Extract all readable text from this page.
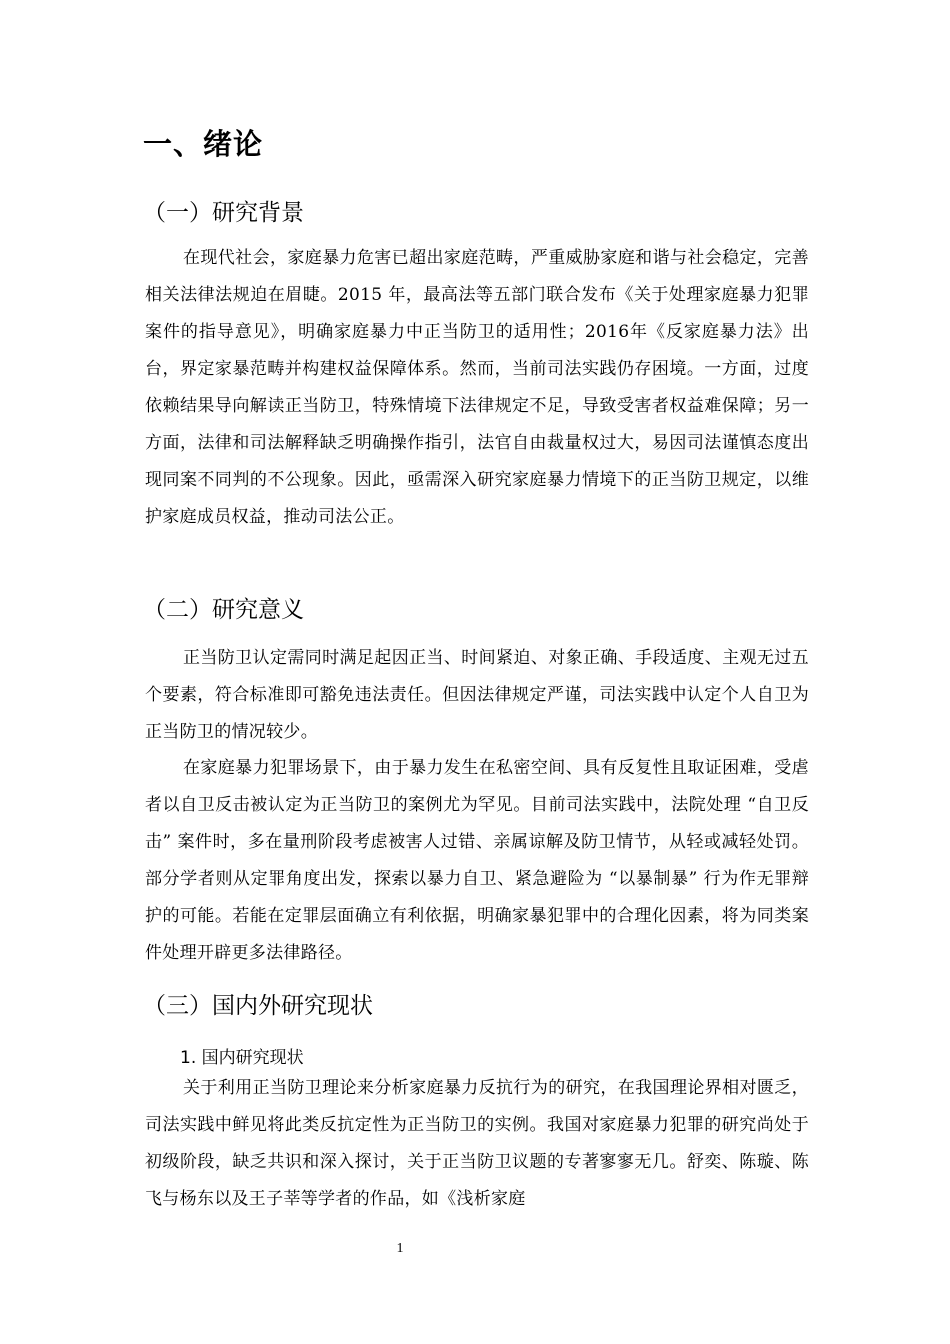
一、绪论
（一）研究背景
在现代社会，家庭暴力危害已超出家庭范畴，严重威胁家庭和谐与社会稳定，完善相关法律法规迫在眉睫。2015 年，最高法等五部门联合发布《关于处理家庭暴力犯罪案件的指导意见》，明确家庭暴力中正当防卫的适用性；2016年《反家庭暴力法》出台，界定家暴范畴并构建权益保障体系。然而，当前司法实践仍存困境。一方面，过度依赖结果导向解读正当防卫，特殊情境下法律规定不足，导致受害者权益难保障；另一方面，法律和司法解释缺乏明确操作指引，法官自由裁量权过大，易因司法谨慎态度出现同案不同判的不公现象。因此，亟需深入研究家庭暴力情境下的正当防卫规定，以维护家庭成员权益，推动司法公正。
（二）研究意义
正当防卫认定需同时满足起因正当、时间紧迫、对象正确、手段适度、主观无过五个要素，符合标准即可豁免违法责任。但因法律规定严谨，司法实践中认定个人自卫为正当防卫的情况较少。
在家庭暴力犯罪场景下，由于暴力发生在私密空间、具有反复性且取证困难，受虐者以自卫反击被认定为正当防卫的案例尤为罕见。目前司法实践中，法院处理 “自卫反击” 案件时，多在量刑阶段考虑被害人过错、亲属谅解及防卫情节，从轻或减轻处罚。部分学者则从定罪角度出发，探索以暴力自卫、紧急避险为 “以暴制暴” 行为作无罪辩护的可能。若能在定罪层面确立有利依据，明确家暴犯罪中的合理化因素，将为同类案件处理开辟更多法律路径。
（三）国内外研究现状
1. 国内研究现状
关于利用正当防卫理论来分析家庭暴力反抗行为的研究，在我国理论界相对匮乏，司法实践中鲜见将此类反抗定性为正当防卫的实例。我国对家庭暴力犯罪的研究尚处于初级阶段，缺乏共识和深入探讨，关于正当防卫议题的专著寥寥无几。舒奕、陈璇、陈飞与杨东以及王子莘等学者的作品，如《浅析家庭
1
